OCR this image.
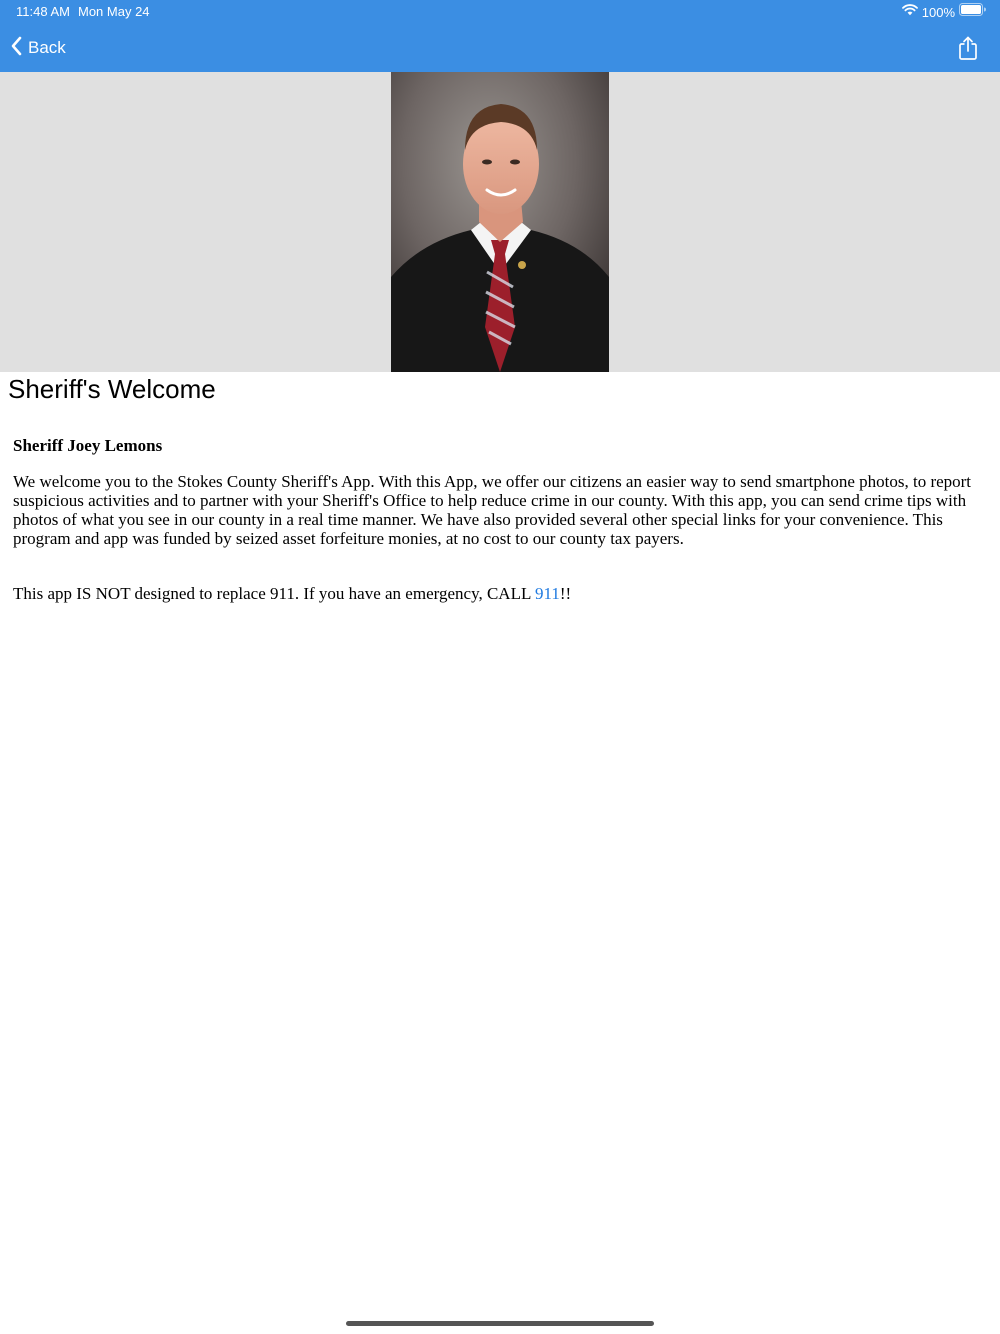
11:48 AM Mon May 24	100%
Back
Sheriff's Welcome

Sheriff Joey Lemons

We welcome you to the Stokes County Sheriff's App. With this App, we offer our citizens an easier way to send smartphone photos, to report suspicious activities and to partner with your Sheriff's Office to help reduce crime in our county. With this app, you can send crime tips with photos of what you see in our county in a real time manner. We have also provided several other special links for your convenience. This program and app was funded by seized asset forfeiture monies, at no cost to our county tax payers.

This app IS NOT designed to replace 911. If you have an emergency, CALL 911!!
